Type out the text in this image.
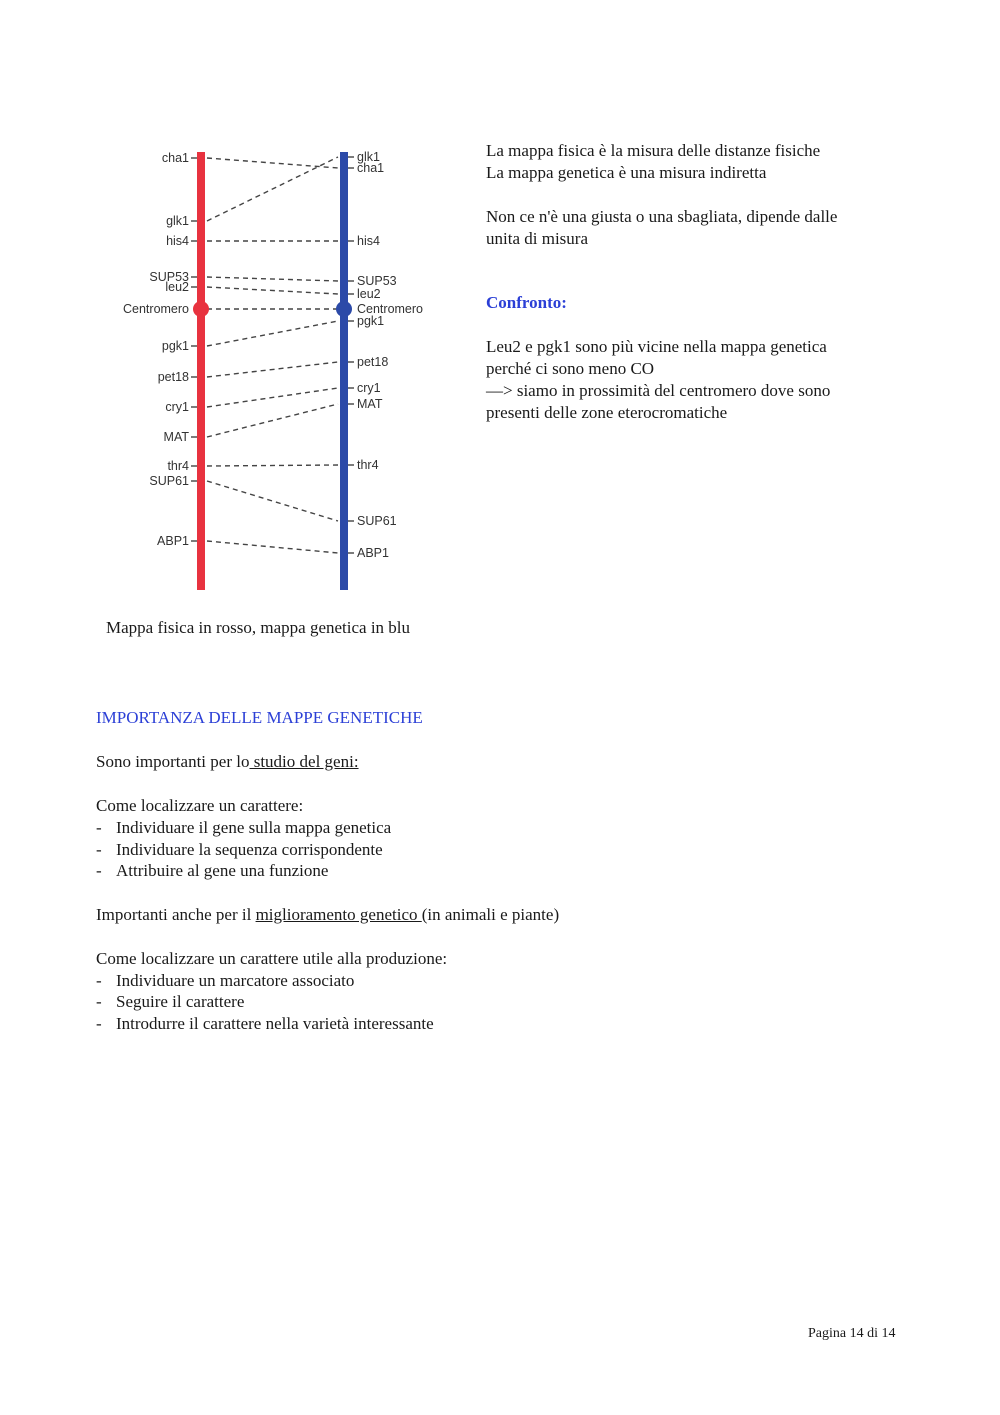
cha1
glk1
his4
SUP53
leu2
Centromero
pgk1
pet18
cry1
MAT
thr4
SUP61
ABP1
glk1
cha1
his4
SUP53
leu2
Centromero
pgk1
pet18
cry1
MAT
thr4
SUP61
ABP1

Mappa fisica in rosso, mappa genetica in blu

La mappa fisica è la misura delle distanze fisiche

La mappa genetica è una misura indiretta

Non ce n'è una giusta o una sbagliata, dipende dalle

unita di misura

Confronto:

Leu2 e pgk1 sono più vicine nella mappa genetica

perché ci sono meno CO

—> siamo in prossimità del centromero dove sono

presenti delle zone eterocromatiche

IMPORTANZA DELLE MAPPE GENETICHE

Sono importanti per lo studio del geni:

Come localizzare un carattere:

- Individuare il gene sulla mappa genetica
- Individuare la sequenza corrispondente
- Attribuire al gene una funzione

Importanti anche per il miglioramento genetico (in animali e piante)

Come localizzare un carattere utile alla produzione:

- Individuare un marcatore associato
- Seguire il carattere
- Introdurre il carattere nella varietà interessante
Pagina 14 di 14
